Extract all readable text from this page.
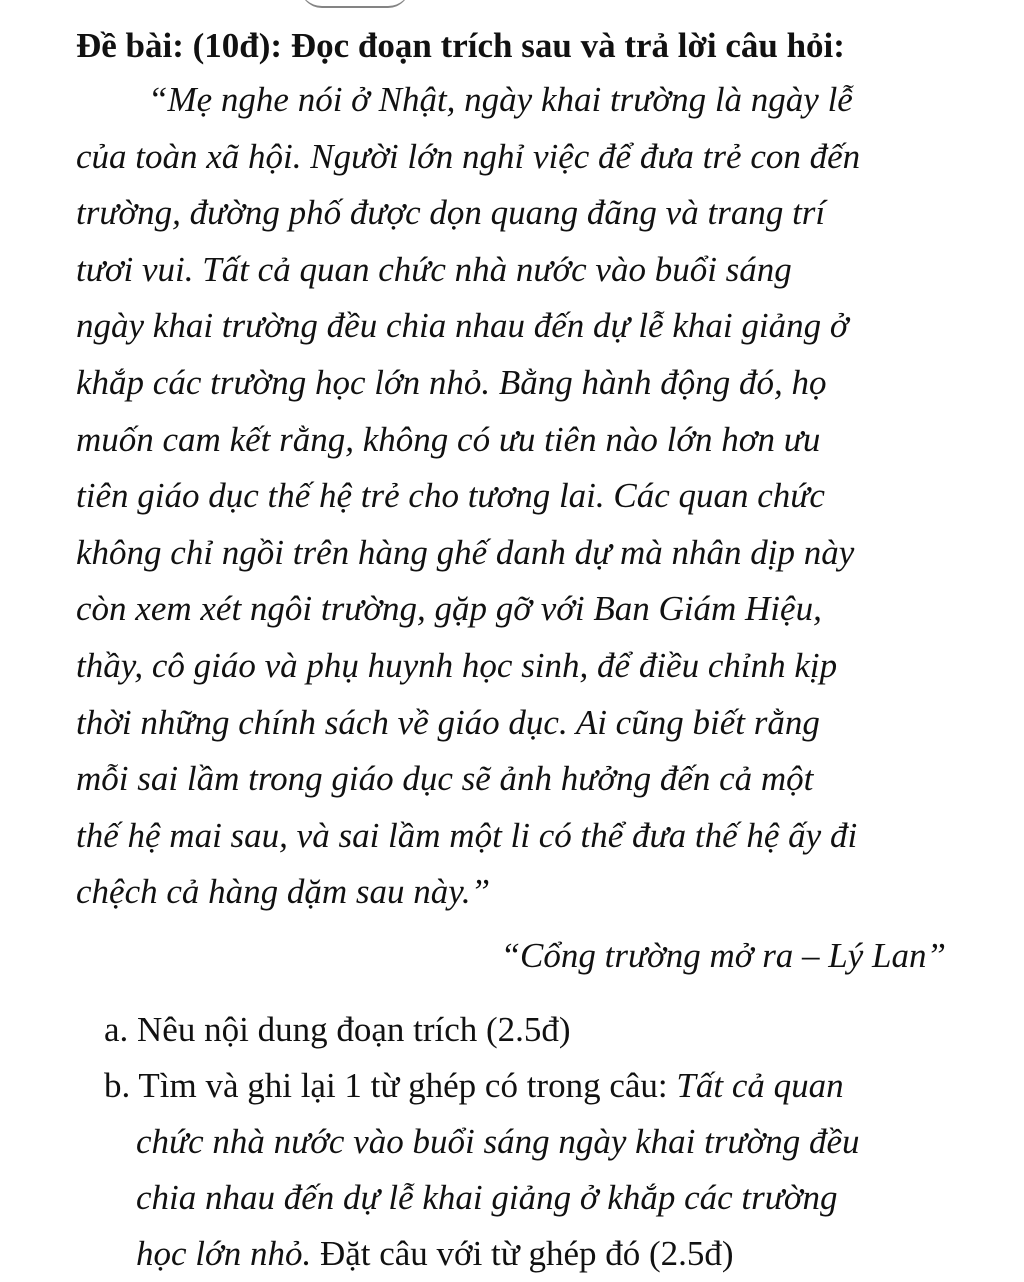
Đề bài: (10đ): Đọc đoạn trích sau và trả lời câu hỏi:
“Mẹ nghe nói ở Nhật, ngày khai trường là ngày lễ
của toàn xã hội. Người lớn nghỉ việc để đưa trẻ con đến
trường, đường phố được dọn quang đãng và trang trí
tươi vui. Tất cả quan chức nhà nước vào buổi sáng
ngày khai trường đều chia nhau đến dự lễ khai giảng ở
khắp các trường học lớn nhỏ. Bằng hành động đó, họ
muốn cam kết rằng, không có ưu tiên nào lớn hơn ưu
tiên giáo dục thế hệ trẻ cho tương lai. Các quan chức
không chỉ ngồi trên hàng ghế danh dự mà nhân dịp này
còn xem xét ngôi trường, gặp gỡ với Ban Giám Hiệu,
thầy, cô giáo và phụ huynh học sinh, để điều chỉnh kịp
thời những chính sách về giáo dục. Ai cũng biết rằng
mỗi sai lầm trong giáo dục sẽ ảnh hưởng đến cả một
thế hệ mai sau, và sai lầm một li có thể đưa thế hệ ấy đi
chệch cả hàng dặm sau này.”
“Cổng trường mở ra – Lý Lan”
a. Nêu nội dung đoạn trích (2.5đ)
b. Tìm và ghi lại 1 từ ghép có trong câu: Tất cả quan
chức nhà nước vào buổi sáng ngày khai trường đều
chia nhau đến dự lễ khai giảng ở khắp các trường
học lớn nhỏ. Đặt câu với từ ghép đó (2.5đ)
